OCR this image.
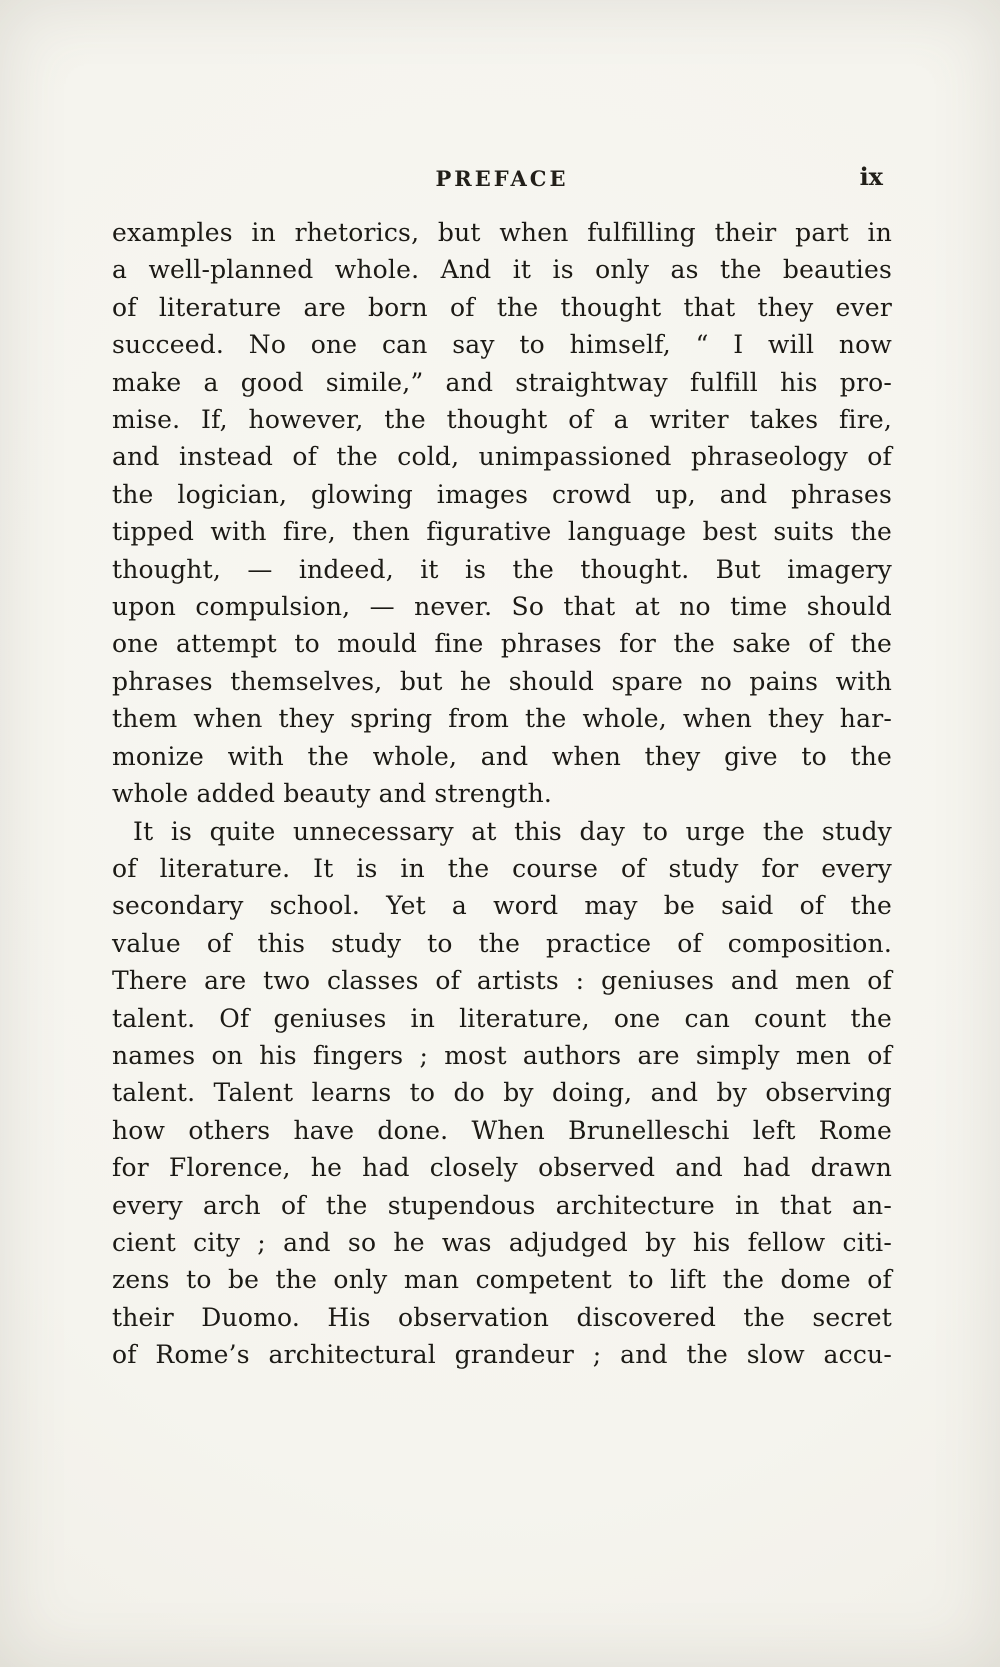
PREFACE	ix
examples in rhetorics, but when fulfilling their part in
a well-planned whole. And it is only as the beauties
of literature are born of the thought that they ever
succeed. No one can say to himself, “ I will now
make a good simile,” and straightway fulfill his pro-
mise. If, however, the thought of a writer takes fire,
and instead of the cold, unimpassioned phraseology of
the logician, glowing images crowd up, and phrases
tipped with fire, then figurative language best suits the
thought, — indeed, it is the thought. But imagery
upon compulsion, — never. So that at no time should
one attempt to mould fine phrases for the sake of the
phrases themselves, but he should spare no pains with
them when they spring from the whole, when they har-
monize with the whole, and when they give to the
whole added beauty and strength.
It is quite unnecessary at this day to urge the study
of literature. It is in the course of study for every
secondary school. Yet a word may be said of the
value of this study to the practice of composition.
There are two classes of artists : geniuses and men of
talent. Of geniuses in literature, one can count the
names on his fingers ; most authors are simply men of
talent. Talent learns to do by doing, and by observing
how others have done. When Brunelleschi left Rome
for Florence, he had closely observed and had drawn
every arch of the stupendous architecture in that an-
cient city ; and so he was adjudged by his fellow citi-
zens to be the only man competent to lift the dome of
their Duomo. His observation discovered the secret
of Rome’s architectural grandeur ; and the slow accu-
